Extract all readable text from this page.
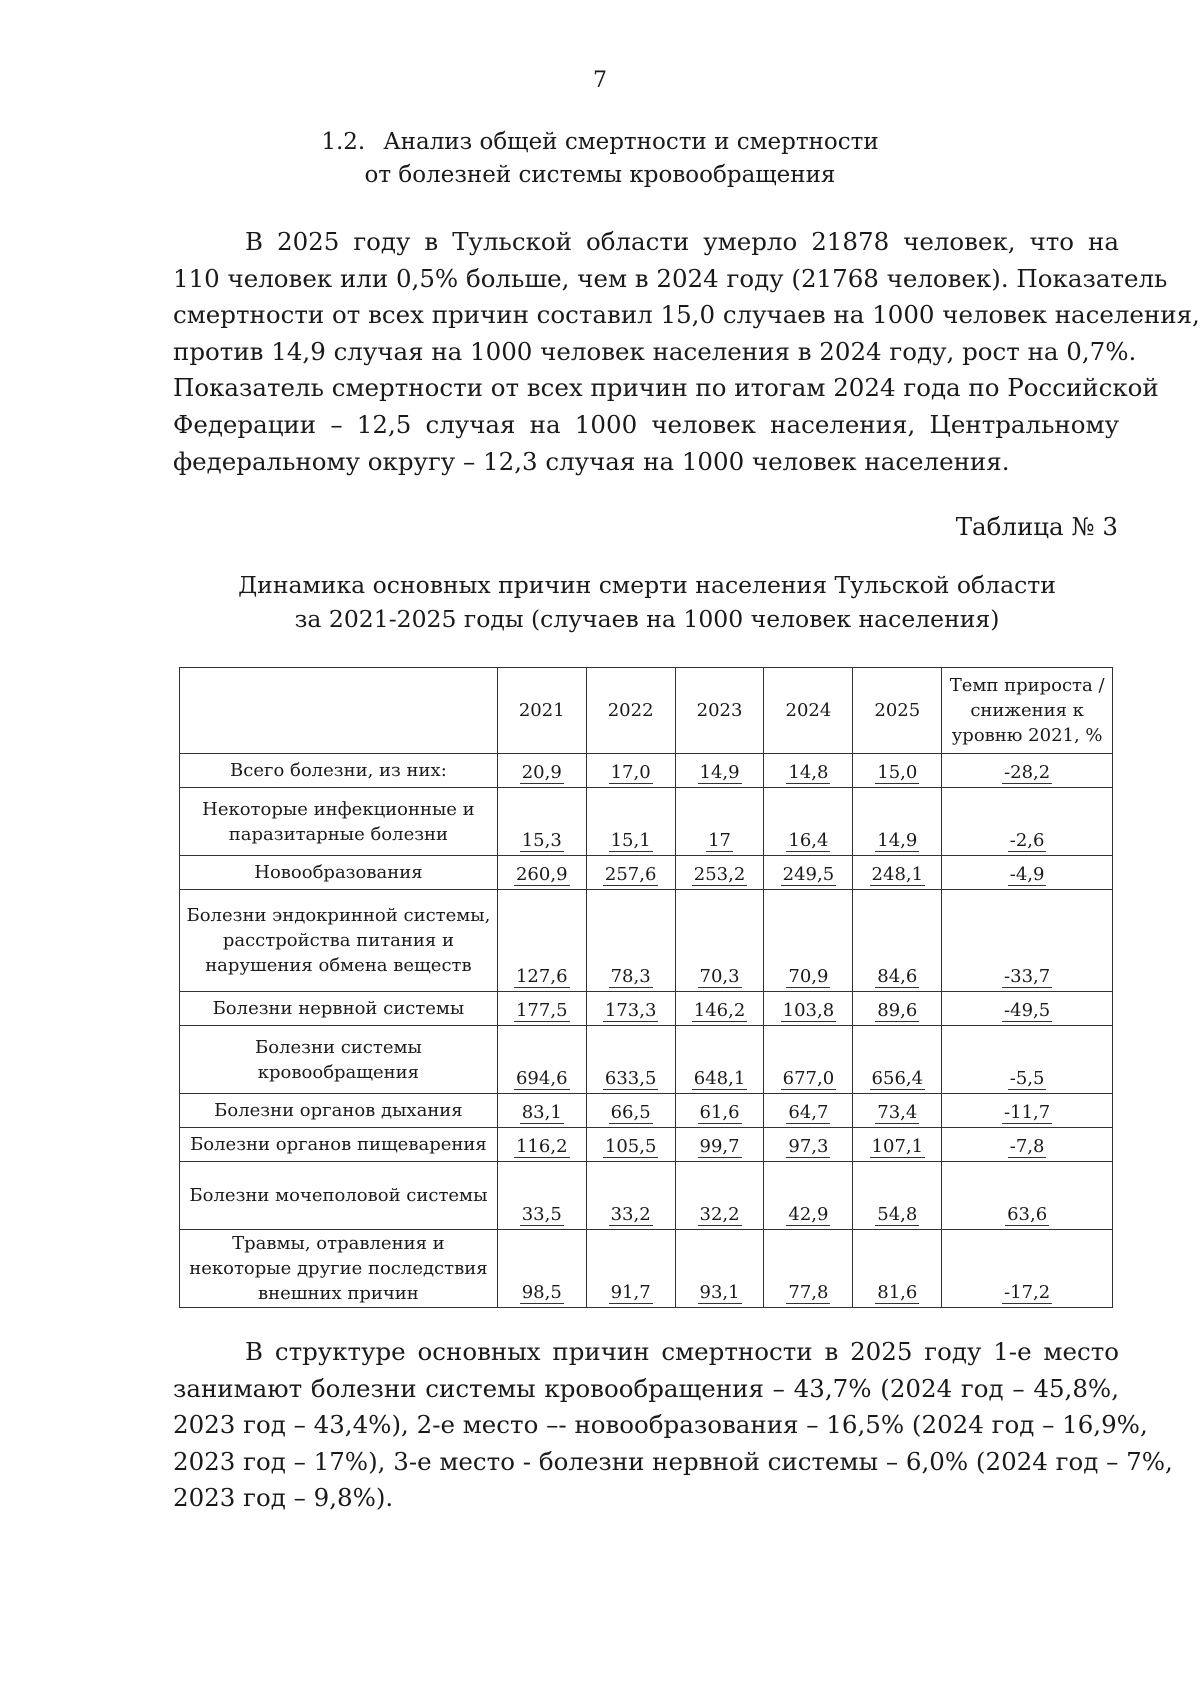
7
1.2. Анализ общей смертности и смертности
от болезней системы кровообращения

В 2025 году в Тульской области умерло 21878 человек, что на
110 человек или 0,5% больше, чем в 2024 году (21768 человек). Показатель
смертности от всех причин составил 15,0 случаев на 1000 человек населения,
против 14,9 случая на 1000 человек населения в 2024 году, рост на 0,7%.
Показатель смертности от всех причин по итогам 2024 года по Российской
Федерации – 12,5 случая на 1000 человек населения, Центральному
федеральному округу – 12,3 случая на 1000 человек населения.

Таблица № 3
Динамика основных причин смерти населения Тульской области
за 2021-2025 годы (случаев на 1000 человек населения)
	2021	2022	2023	2024	2025	Темп прироста /снижения к уровню 2021, %
Всего болезни, из них:	20,9	17,0	14,9	14,8	15,0	-28,2
Некоторые инфекционные и паразитарные болезни	15,3	15,1	17	16,4	14,9	-2,6
Новообразования	260,9	257,6	253,2	249,5	248,1	-4,9
Болезни эндокринной системы, расстройства питания и нарушения обмена веществ	127,6	78,3	70,3	70,9	84,6	-33,7
Болезни нервной системы	177,5	173,3	146,2	103,8	89,6	-49,5
Болезни системы кровообращения	694,6	633,5	648,1	677,0	656,4	-5,5
Болезни органов дыхания	83,1	66,5	61,6	64,7	73,4	-11,7
Болезни органов пищеварения	116,2	105,5	99,7	97,3	107,1	-7,8
Болезни мочеполовой системы	33,5	33,2	32,2	42,9	54,8	63,6
Травмы, отравления и некоторые другие последствия внешних причин	98,5	91,7	93,1	77,8	81,6	-17,2

В структуре основных причин смертности в 2025 году 1-е место
занимают болезни системы кровообращения – 43,7% (2024 год – 45,8%,
2023 год – 43,4%), 2-е место –- новообразования – 16,5% (2024 год – 16,9%,
2023 год – 17%), 3-е место - болезни нервной системы – 6,0% (2024 год – 7%,
2023 год – 9,8%).
